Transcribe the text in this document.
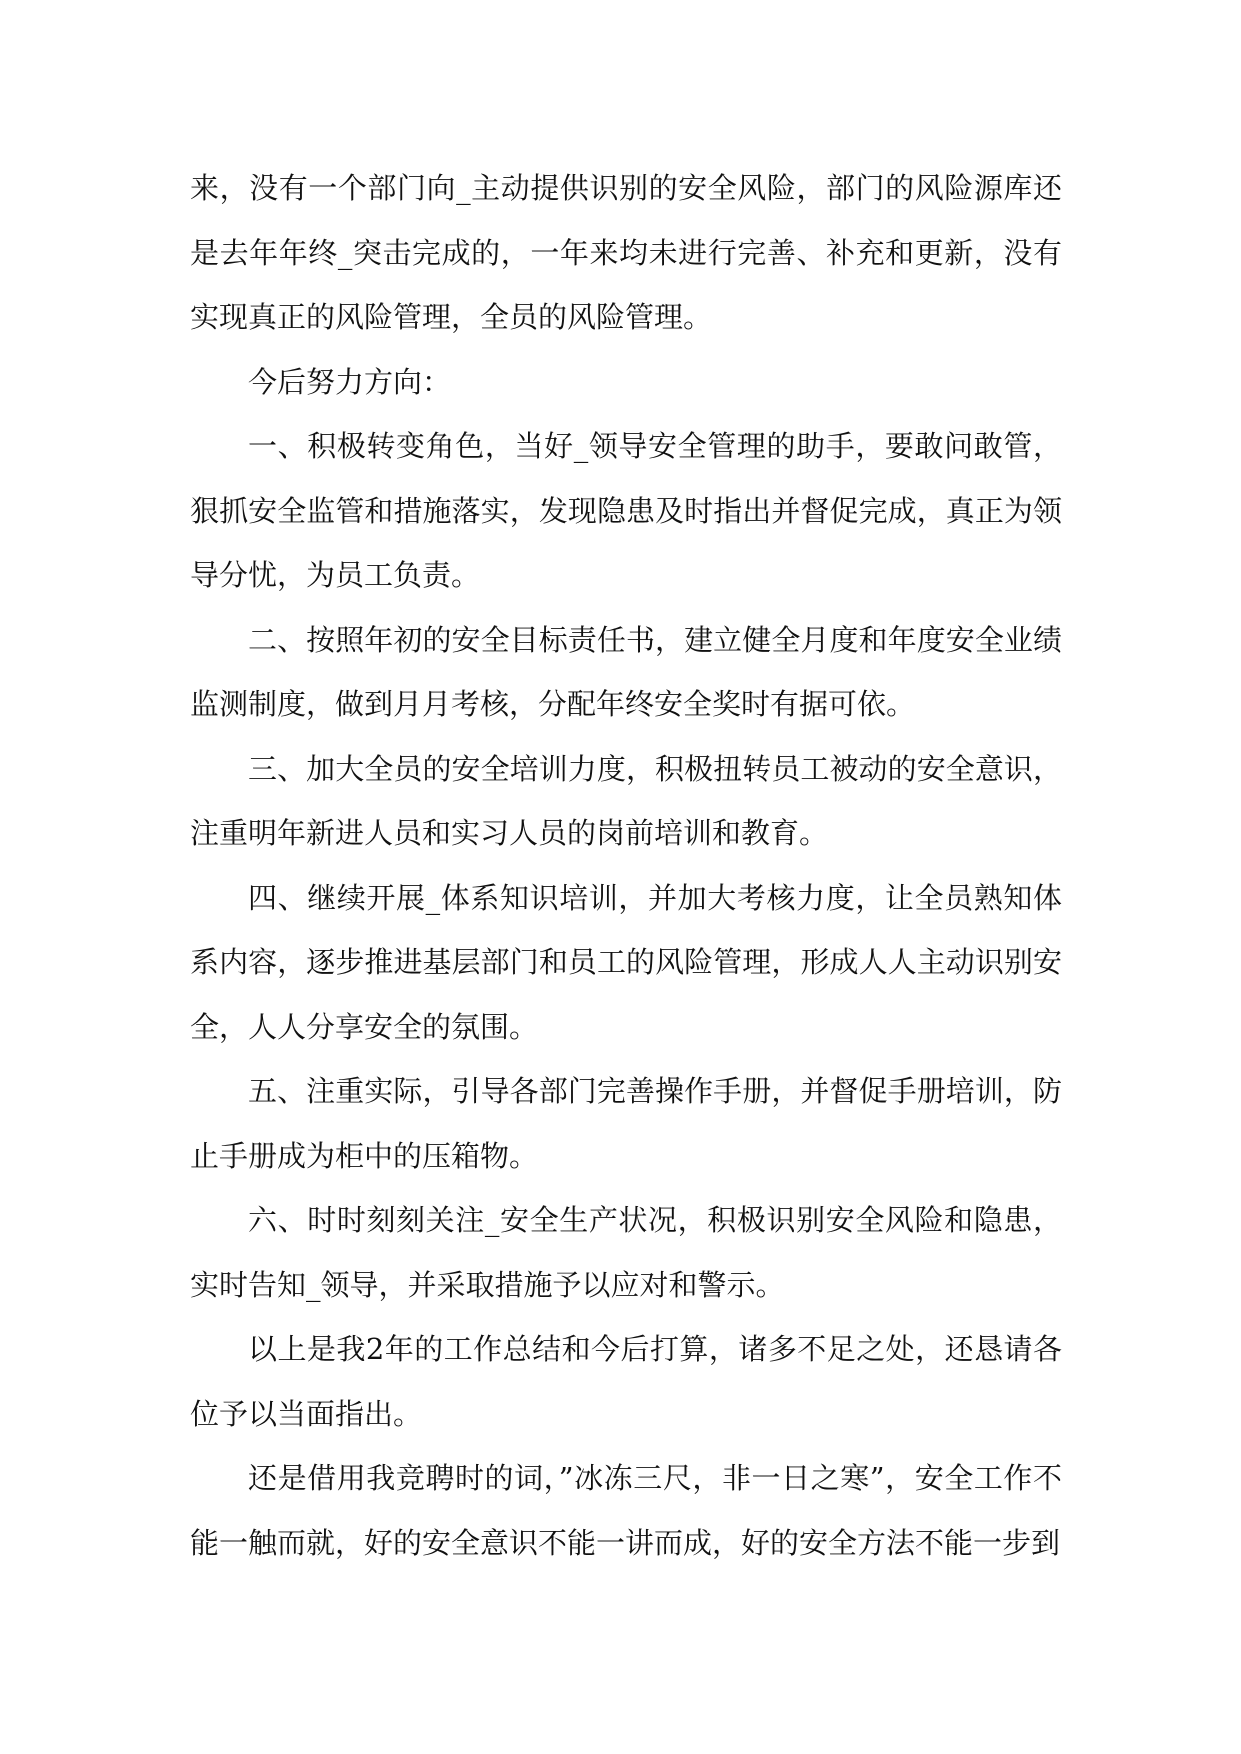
来，没有一个部门向_主动提供识别的安全风险，部门的风险源库还是去年年终_突击完成的，一年来均未进行完善、补充和更新，没有实现真正的风险管理，全员的风险管理。

今后努力方向：

一、积极转变角色，当好_领导安全管理的助手，要敢问敢管，狠抓安全监管和措施落实，发现隐患及时指出并督促完成，真正为领导分忧，为员工负责。

二、按照年初的安全目标责任书，建立健全月度和年度安全业绩监测制度，做到月月考核，分配年终安全奖时有据可依。

三、加大全员的安全培训力度，积极扭转员工被动的安全意识，注重明年新进人员和实习人员的岗前培训和教育。

四、继续开展_体系知识培训，并加大考核力度，让全员熟知体系内容，逐步推进基层部门和员工的风险管理，形成人人主动识别安全，人人分享安全的氛围。

五、注重实际，引导各部门完善操作手册，并督促手册培训，防止手册成为柜中的压箱物。

六、时时刻刻关注_安全生产状况，积极识别安全风险和隐患，实时告知_领导，并采取措施予以应对和警示。

以上是我2年的工作总结和今后打算，诸多不足之处，还恳请各位予以当面指出。

还是借用我竞聘时的词，”冰冻三尺，非一日之寒”，安全工作不能一触而就，好的安全意识不能一讲而成，好的安全方法不能一步到
